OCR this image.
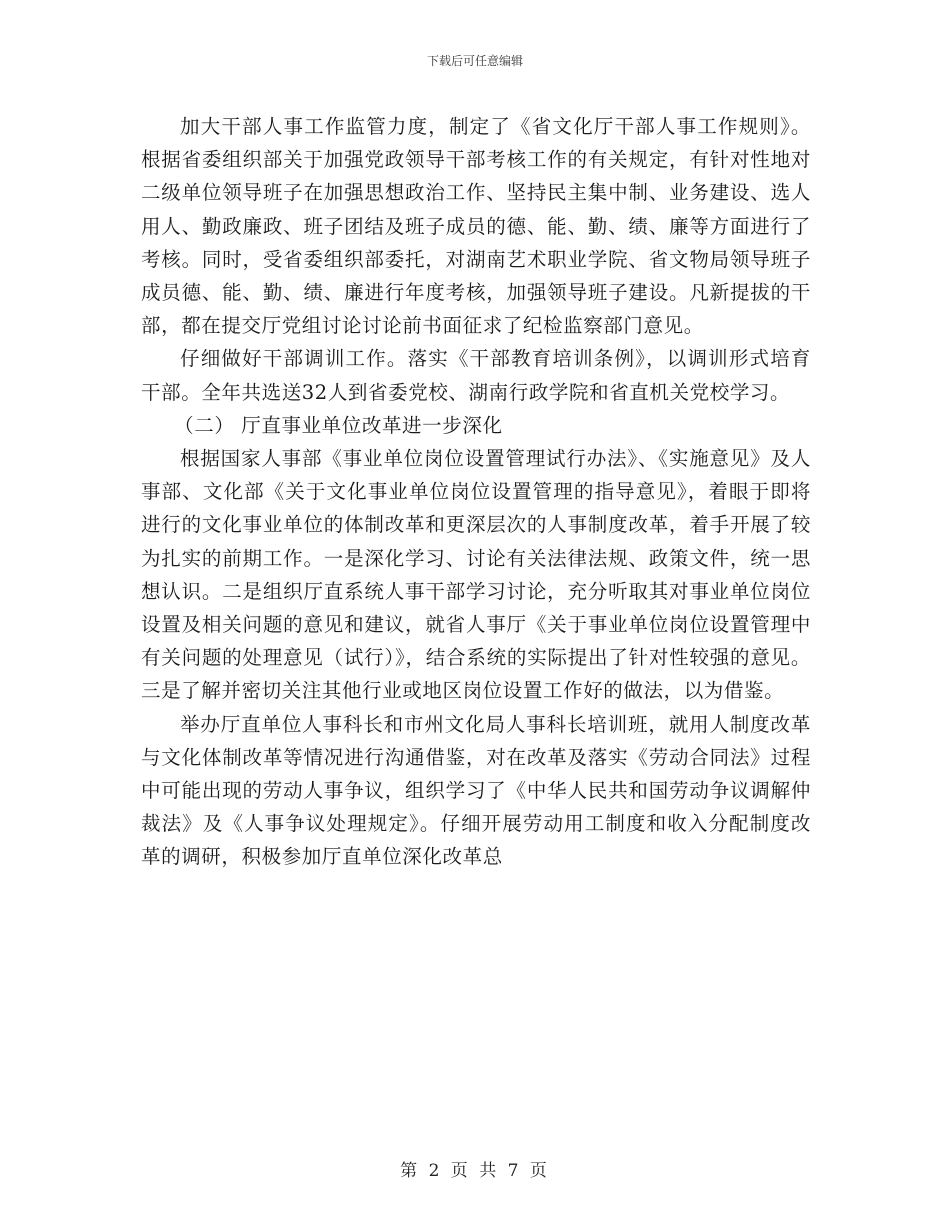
下载后可任意编辑

加大干部人事工作监管力度，制定了《省文化厅干部人事工作规则》。根据省委组织部关于加强党政领导干部考核工作的有关规定，有针对性地对二级单位领导班子在加强思想政治工作、坚持民主集中制、业务建设、选人用人、勤政廉政、班子团结及班子成员的德、能、勤、绩、廉等方面进行了考核。同时，受省委组织部委托，对湖南艺术职业学院、省文物局领导班子成员德、能、勤、绩、廉进行年度考核，加强领导班子建设。凡新提拔的干部，都在提交厅党组讨论讨论前书面征求了纪检监察部门意见。

仔细做好干部调训工作。落实《干部教育培训条例》，以调训形式培育干部。全年共选送32人到省委党校、湖南行政学院和省直机关党校学习。

（二） 厅直事业单位改革进一步深化

根据国家人事部《事业单位岗位设置管理试行办法》、《实施意见》及人事部、文化部《关于文化事业单位岗位设置管理的指导意见》，着眼于即将进行的文化事业单位的体制改革和更深层次的人事制度改革，着手开展了较为扎实的前期工作。一是深化学习、讨论有关法律法规、政策文件，统一思想认识。二是组织厅直系统人事干部学习讨论，充分听取其对事业单位岗位设置及相关问题的意见和建议，就省人事厅《关于事业单位岗位设置管理中有关问题的处理意见（试行）》，结合系统的实际提出了针对性较强的意见。三是了解并密切关注其他行业或地区岗位设置工作好的做法，以为借鉴。

举办厅直单位人事科长和市州文化局人事科长培训班，就用人制度改革与文化体制改革等情况进行沟通借鉴，对在改革及落实《劳动合同法》过程中可能出现的劳动人事争议，组织学习了《中华人民共和国劳动争议调解仲裁法》及《人事争议处理规定》。仔细开展劳动用工制度和收入分配制度改革的调研，积极参加厅直单位深化改革总

第 2 页 共 7 页
